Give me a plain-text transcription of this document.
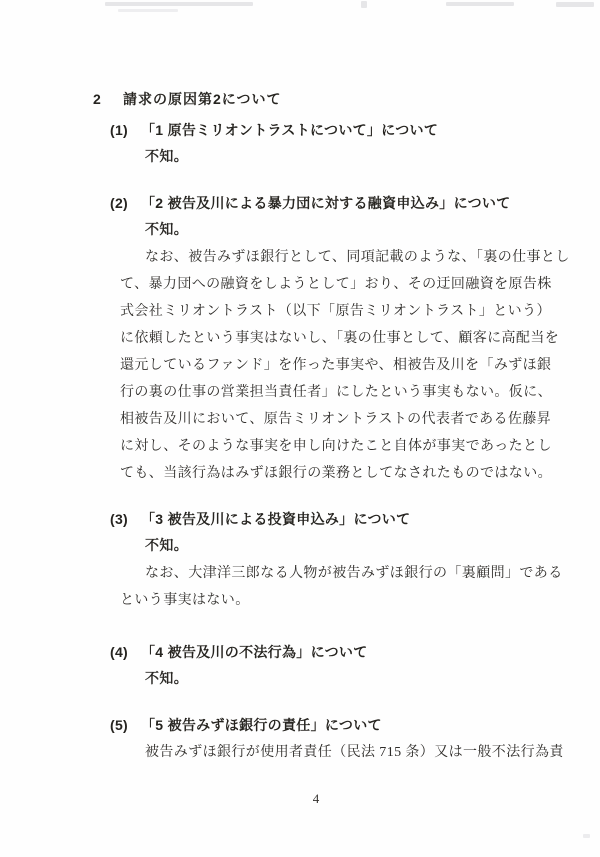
2 請求の原因第2について
(1) 「1 原告ミリオントラストについて」について
不知。
(2) 「2 被告及川による暴力団に対する融資申込み」について
不知。
なお、被告みずほ銀行として、同項記載のような、「裏の仕事とし
て、暴力団への融資をしようとして」おり、その迂回融資を原告株
式会社ミリオントラスト（以下「原告ミリオントラスト」という）
に依頼したという事実はないし、「裏の仕事として、顧客に高配当を
還元しているファンド」を作った事実や、相被告及川を「みずほ銀
行の裏の仕事の営業担当責任者」にしたという事実もない。仮に、
相被告及川において、原告ミリオントラストの代表者である佐藤昇
に対し、そのような事実を申し向けたこと自体が事実であったとし
ても、当該行為はみずほ銀行の業務としてなされたものではない。
(3) 「3 被告及川による投資申込み」について
不知。
なお、大津洋三郎なる人物が被告みずほ銀行の「裏顧問」である
という事実はない。
(4) 「4 被告及川の不法行為」について
不知。
(5) 「5 被告みずほ銀行の責任」について
被告みずほ銀行が使用者責任（民法 715 条）又は一般不法行為責
4
